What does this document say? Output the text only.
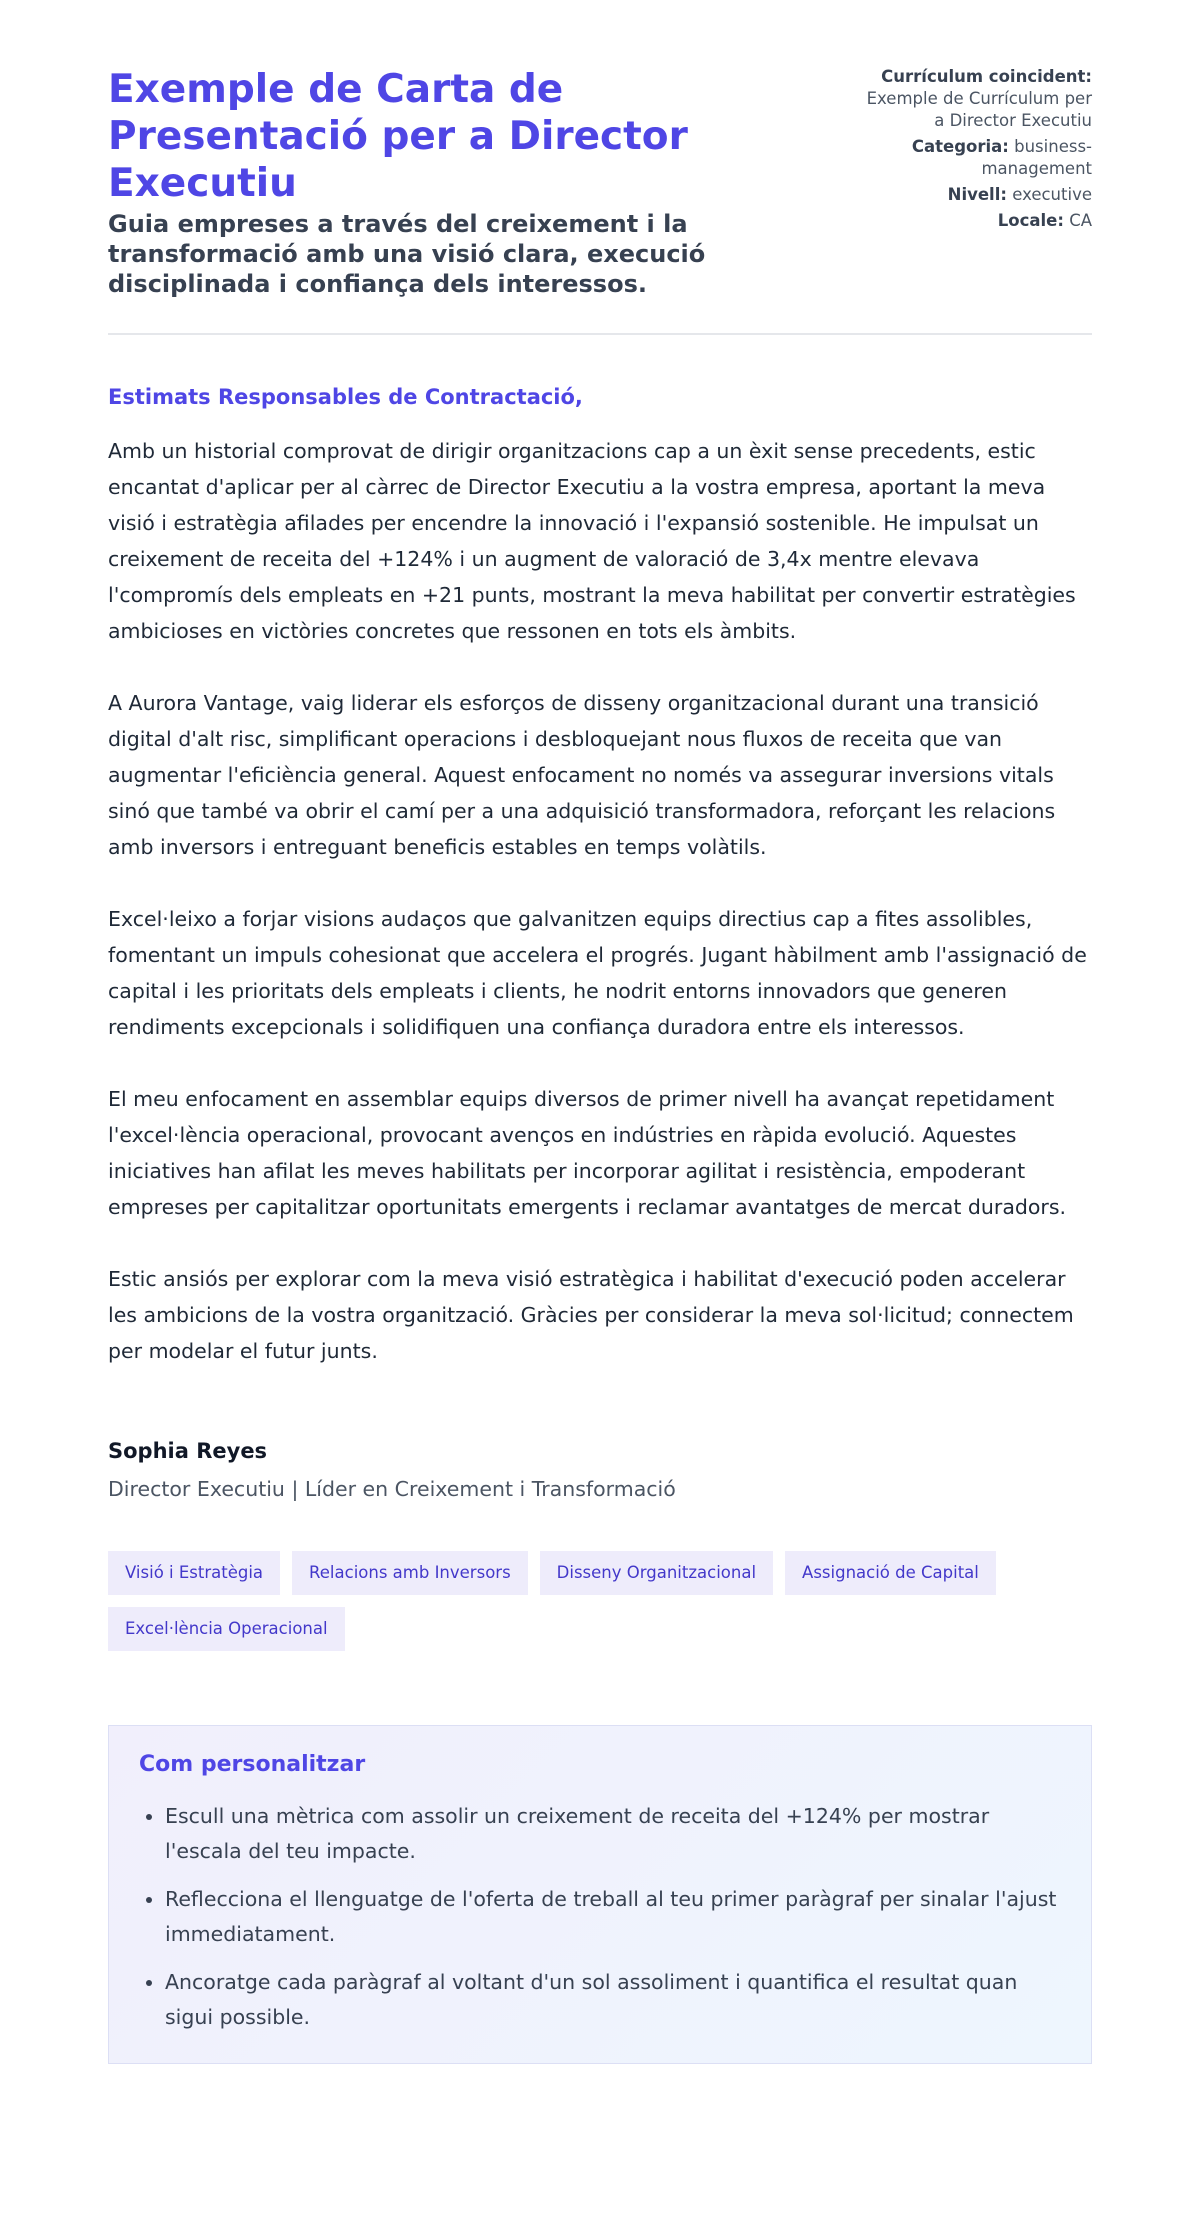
Exemple de Carta de Presentació per a Director Executiu
Guia empreses a través del creixement i la transformació amb una visió clara, execució disciplinada i confiança dels interessos.
Currículum coincident:
Exemple de Currículum per a Director Executiu
Categoria: business-management
Nivell: executive
Locale: CA
Estimats Responsables de Contractació,

Amb un historial comprovat de dirigir organitzacions cap a un èxit sense precedents, estic encantat d'aplicar per al càrrec de Director Executiu a la vostra empresa, aportant la meva visió i estratègia afilades per encendre la innovació i l'expansió sostenible. He impulsat un creixement de receita del +124% i un augment de valoració de 3,4x mentre elevava l'compromís dels empleats en +21 punts, mostrant la meva habilitat per convertir estratègies ambicioses en victòries concretes que ressonen en tots els àmbits.

A Aurora Vantage, vaig liderar els esforços de disseny organitzacional durant una transició digital d'alt risc, simplificant operacions i desbloquejant nous fluxos de receita que van augmentar l'eficiència general. Aquest enfocament no només va assegurar inversions vitals sinó que també va obrir el camí per a una adquisició transformadora, reforçant les relacions amb inversors i entreguant beneficis estables en temps volàtils.

Excel·leixo a forjar visions audaços que galvanitzen equips directius cap a fites assolibles, fomentant un impuls cohesionat que accelera el progrés. Jugant hàbilment amb l'assignació de capital i les prioritats dels empleats i clients, he nodrit entorns innovadors que generen rendiments excepcionals i solidifiquen una confiança duradora entre els interessos.

El meu enfocament en assemblar equips diversos de primer nivell ha avançat repetidament l'excel·lència operacional, provocant avenços en indústries en ràpida evolució. Aquestes iniciatives han afilat les meves habilitats per incorporar agilitat i resistència, empoderant empreses per capitalitzar oportunitats emergents i reclamar avantatges de mercat duradors.

Estic ansiós per explorar com la meva visió estratègica i habilitat d'execució poden accelerar les ambicions de la vostra organització. Gràcies per considerar la meva sol·licitud; connectem per modelar el futur junts.

Sophia Reyes
Director Executiu | Líder en Creixement i Transformació
Visió i Estratègia	Relacions amb Inversors	Disseny Organitzacional	Assignació de Capital
Excel·lència Operacional
Com personalitzar
• Escull una mètrica com assolir un creixement de receita del +124% per mostrar l'escala del teu impacte.
• Reflecciona el llenguatge de l'oferta de treball al teu primer paràgraf per sinalar l'ajust immediatament.
• Ancoratge cada paràgraf al voltant d'un sol assoliment i quantifica el resultat quan sigui possible.
